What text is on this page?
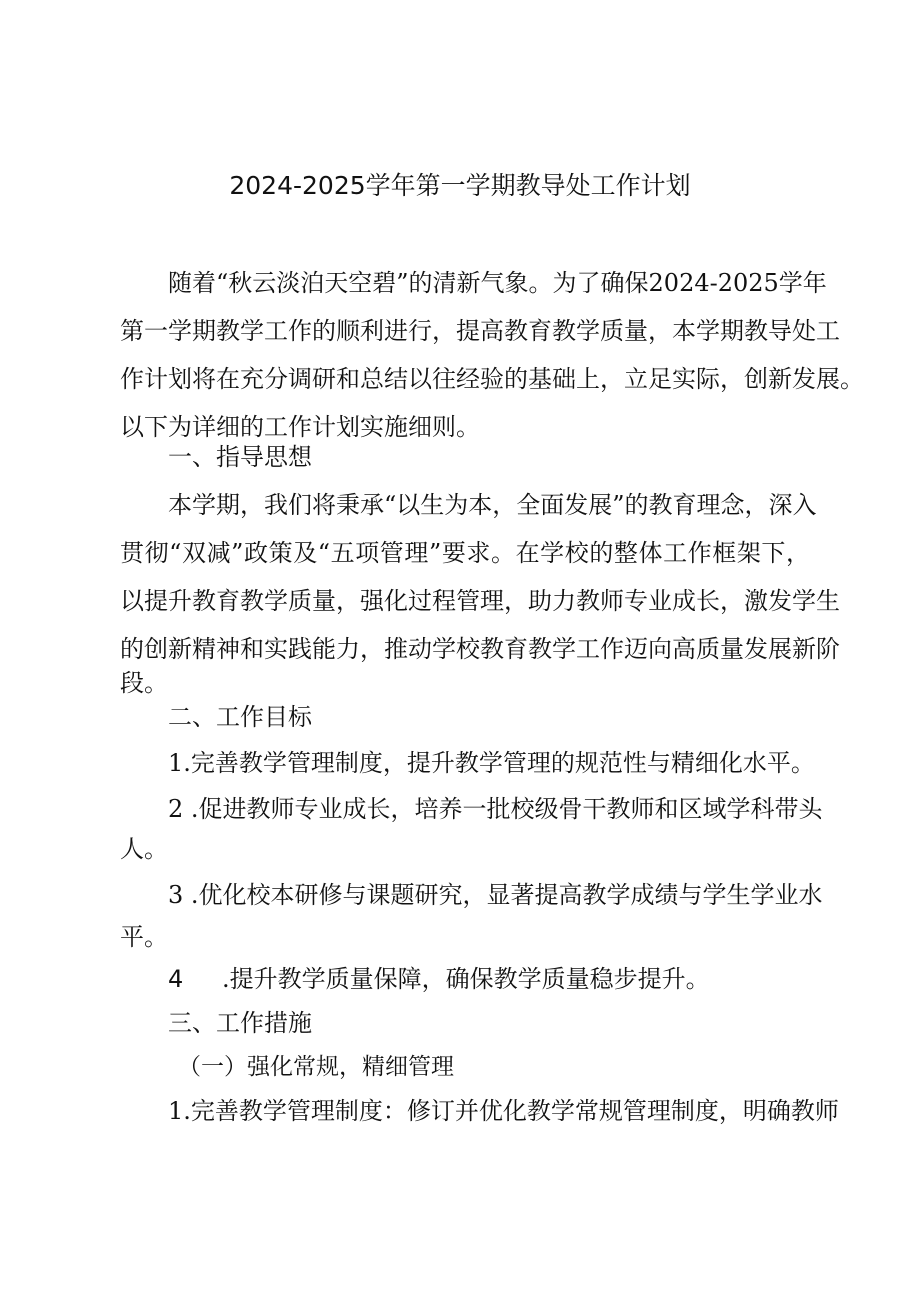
2024-2025学年第一学期教导处工作计划
随着“秋云淡泊天空碧”的清新气象。为了确保2024-2025学年
第一学期教学工作的顺利进行，提高教育教学质量，本学期教导处工
作计划将在充分调研和总结以往经验的基础上，立足实际，创新发展。
以下为详细的工作计划实施细则。
一、指导思想
本学期，我们将秉承“以生为本，全面发展”的教育理念，深入
贯彻“双减”政策及“五项管理”要求。在学校的整体工作框架下，
以提升教育教学质量，强化过程管理，助力教师专业成长，激发学生
的创新精神和实践能力，推动学校教育教学工作迈向高质量发展新阶
段。
二、工作目标
1.完善教学管理制度，提升教学管理的规范性与精细化水平。
2 .促进教师专业成长，培养一批校级骨干教师和区域学科带头
人。
3 .优化校本研修与课题研究，显著提高教学成绩与学生学业水
平。
4 .提升教学质量保障，确保教学质量稳步提升。
三、工作措施
（一）强化常规，精细管理
1.完善教学管理制度：修订并优化教学常规管理制度，明确教师
